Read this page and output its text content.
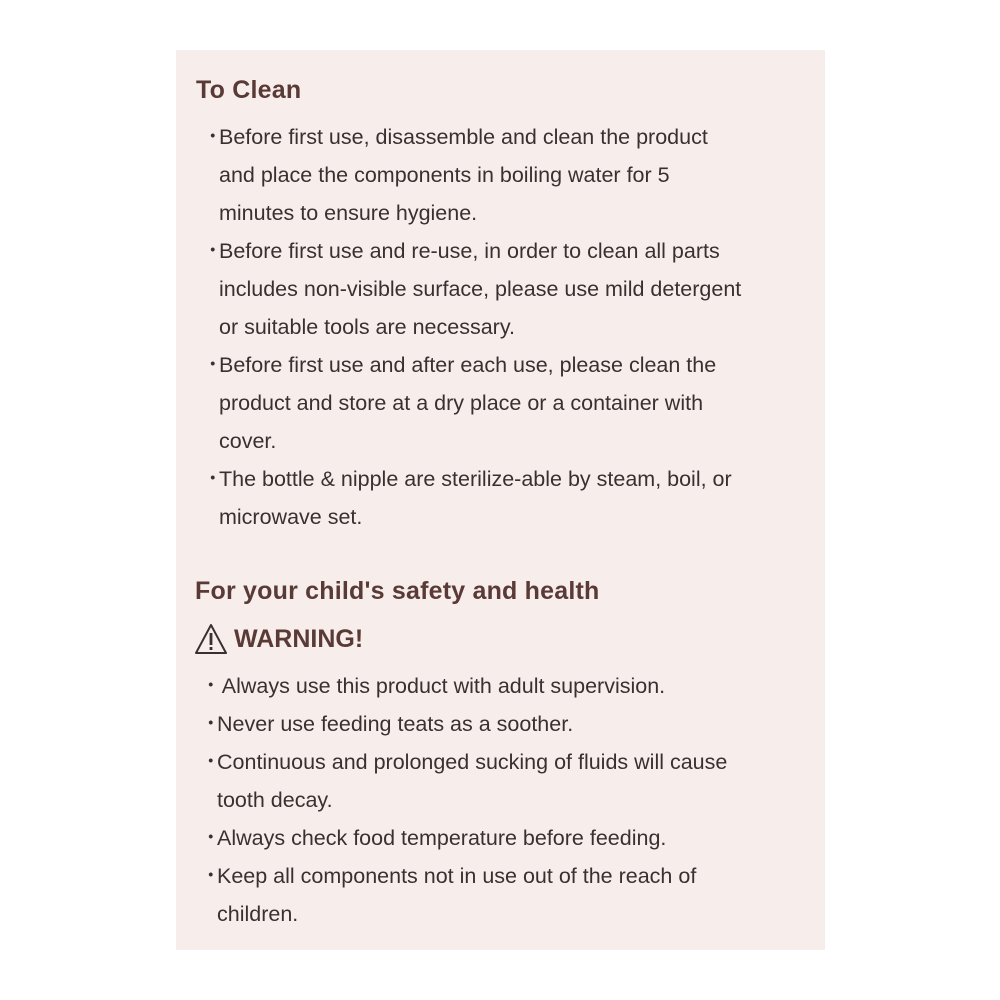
To Clean
・
Before first use, disassemble and clean the product
and place the components in boiling water for 5
minutes to ensure hygiene.
・
Before first use and re-use, in order to clean all parts
includes non-visible surface, please use mild detergent
or suitable tools are necessary.
・
Before first use and after each use, please clean the
product and store at a dry place or a container with
cover.
・
The bottle & nipple are sterilize-able by steam, boil, or
microwave set.
For your child's safety and health
WARNING!
・
Always use this product with adult supervision.
・
Never use feeding teats as a soother.
・
Continuous and prolonged sucking of fluids will cause
tooth decay.
・
Always check food temperature before feeding.
・
Keep all components not in use out of the reach of
children.
